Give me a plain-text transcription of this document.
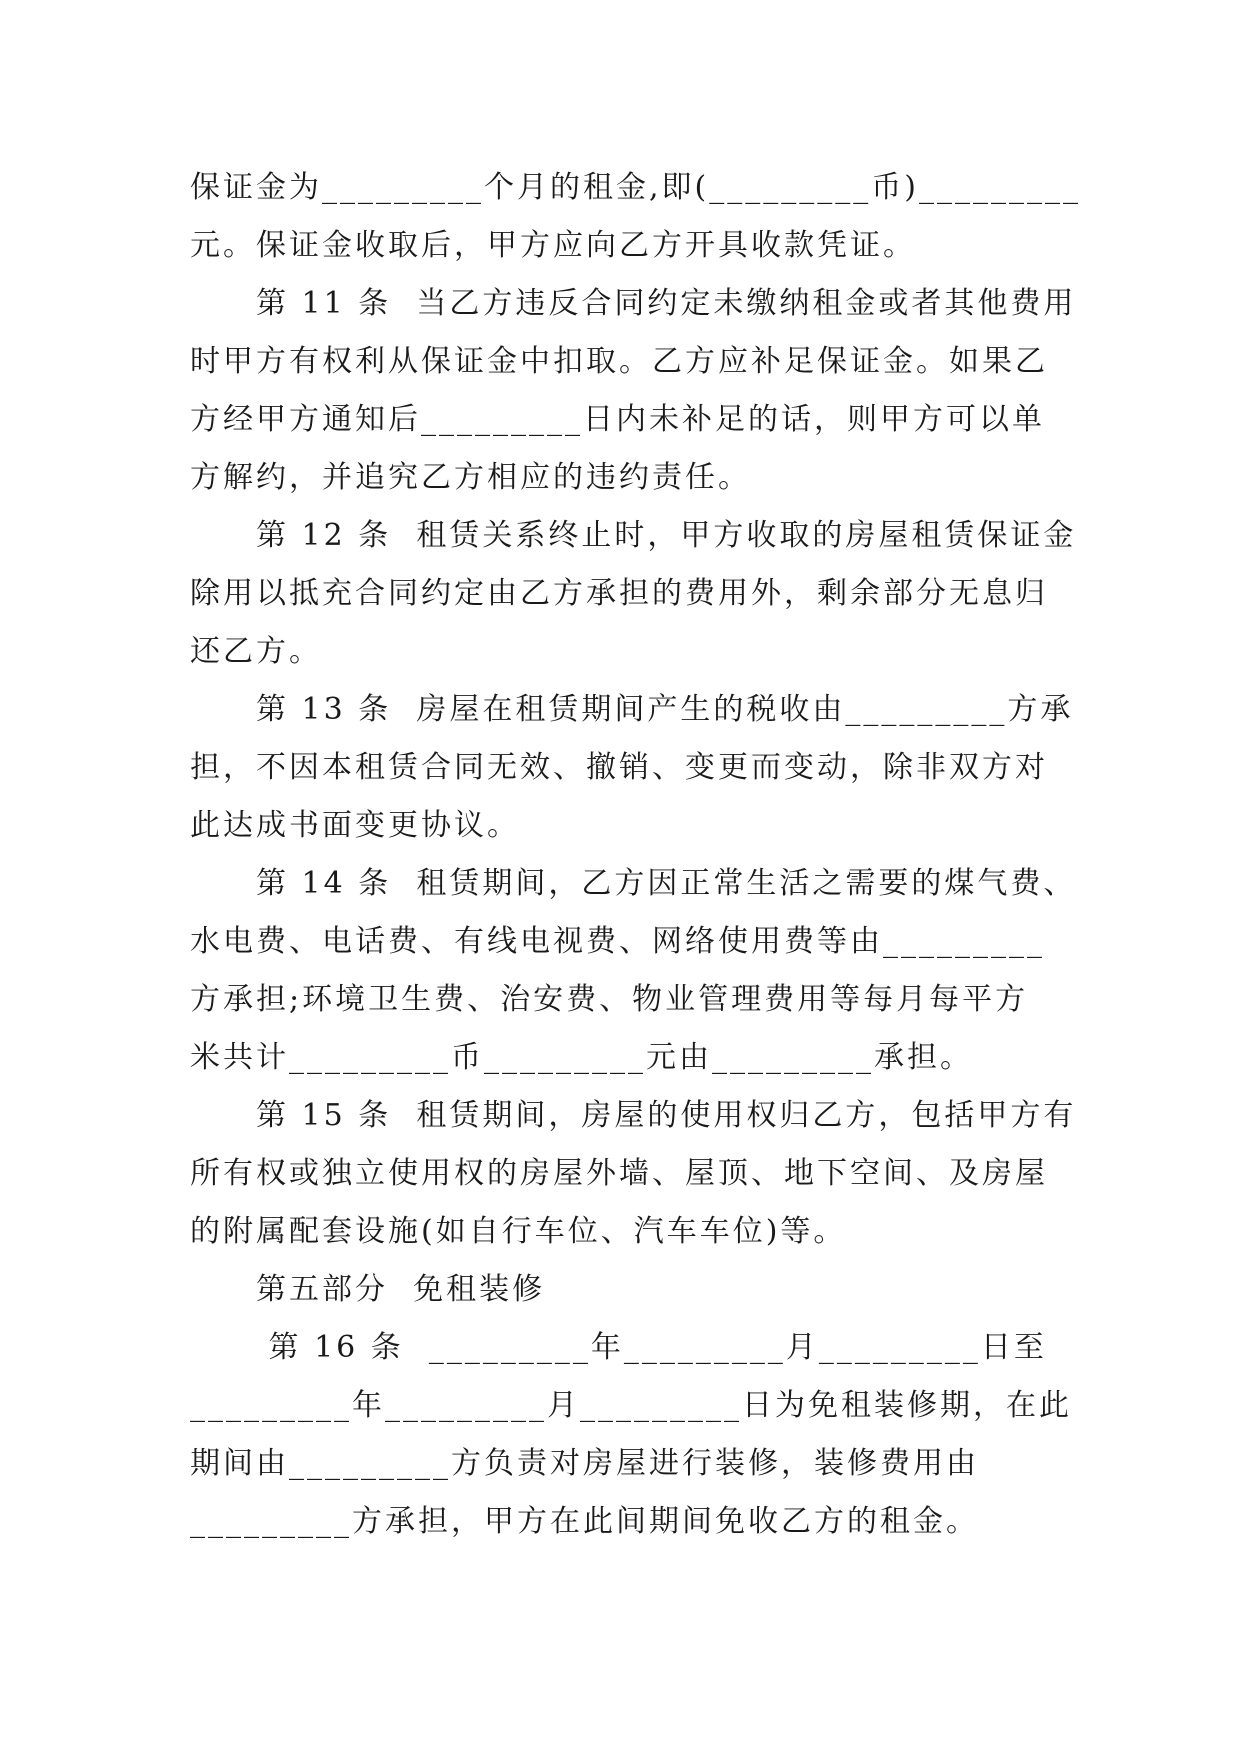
保证金为_________个月的租金,即(_________币)_________
元。保证金收取后，甲方应向乙方开具收款凭证。
第 11 条  当乙方违反合同约定未缴纳租金或者其他费用
时甲方有权利从保证金中扣取。乙方应补足保证金。如果乙
方经甲方通知后_________日内未补足的话，则甲方可以单
方解约，并追究乙方相应的违约责任。
第 12 条  租赁关系终止时，甲方收取的房屋租赁保证金
除用以抵充合同约定由乙方承担的费用外，剩余部分无息归
还乙方。
第 13 条  房屋在租赁期间产生的税收由_________方承
担，不因本租赁合同无效、撤销、变更而变动，除非双方对
此达成书面变更协议。
第 14 条  租赁期间，乙方因正常生活之需要的煤气费、
水电费、电话费、有线电视费、网络使用费等由_________
方承担;环境卫生费、治安费、物业管理费用等每月每平方
米共计_________币_________元由_________承担。
第 15 条  租赁期间，房屋的使用权归乙方，包括甲方有
所有权或独立使用权的房屋外墙、屋顶、地下空间、及房屋
的附属配套设施(如自行车位、汽车车位)等。
第五部分  免租装修
第 16 条  _________年_________月_________日至
_________年_________月_________日为免租装修期，在此
期间由_________方负责对房屋进行装修，装修费用由
_________方承担，甲方在此间期间免收乙方的租金。
